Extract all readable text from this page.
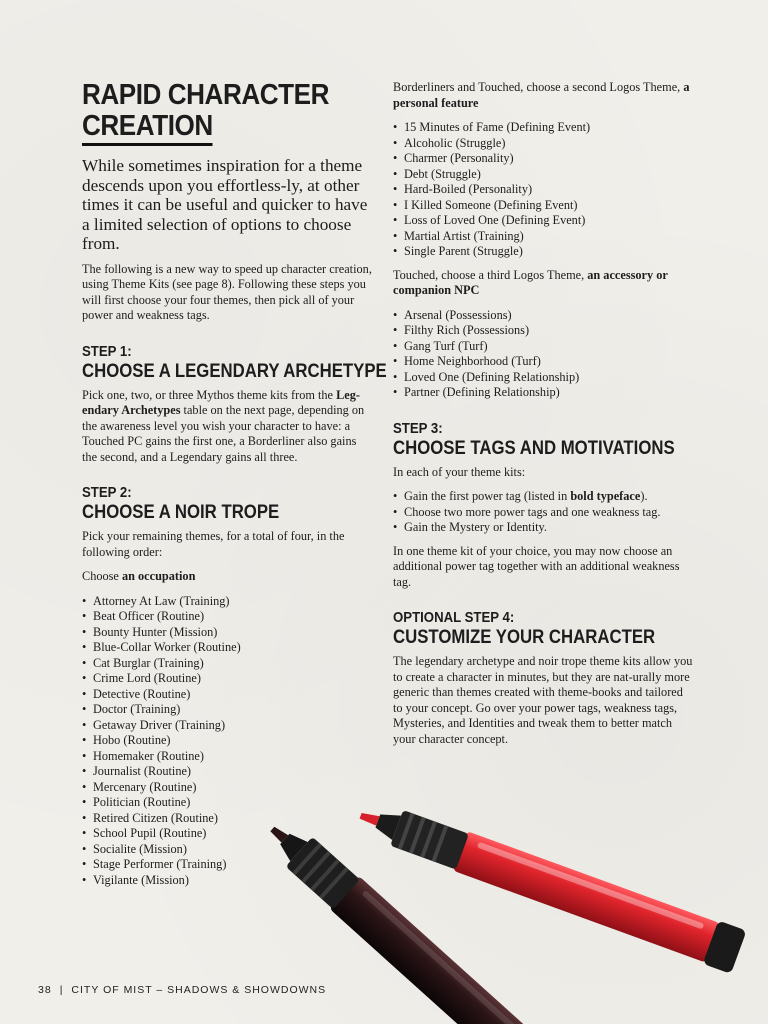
RAPID CHARACTER
CREATION
While sometimes inspiration for a theme descends upon you effortless-ly, at other times it can be useful and quicker to have a limited selection of options to choose from.

The following is a new way to speed up character creation, using Theme Kits (see page 8). Following these steps you will first choose your four themes, then pick all of your power and weakness tags.

STEP 1:
CHOOSE A LEGENDARY ARCHETYPE

Pick one, two, or three Mythos theme kits from the Leg-endary Archetypes table on the next page, depending on the awareness level you wish your character to have: a Touched PC gains the first one, a Borderliner also gains the second, and a Legendary gains all three.

STEP 2:
CHOOSE A NOIR TROPE

Pick your remaining themes, for a total of four, in the following order:

Choose an occupation

• Attorney At Law (Training)
• Beat Officer (Routine)
• Bounty Hunter (Mission)
• Blue-Collar Worker (Routine)
• Cat Burglar (Training)
• Crime Lord (Routine)
• Detective (Routine)
• Doctor (Training)
• Getaway Driver (Training)
• Hobo (Routine)
• Homemaker (Routine)
• Journalist (Routine)
• Mercenary (Routine)
• Politician (Routine)
• Retired Citizen (Routine)
• School Pupil (Routine)
• Socialite (Mission)
• Stage Performer (Training)
• Vigilante (Mission)

Borderliners and Touched, choose a second Logos Theme, a personal feature

• 15 Minutes of Fame (Defining Event)
• Alcoholic (Struggle)
• Charmer (Personality)
• Debt (Struggle)
• Hard-Boiled (Personality)
• I Killed Someone (Defining Event)
• Loss of Loved One (Defining Event)
• Martial Artist (Training)
• Single Parent (Struggle)

Touched, choose a third Logos Theme, an accessory or companion NPC

• Arsenal (Possessions)
• Filthy Rich (Possessions)
• Gang Turf (Turf)
• Home Neighborhood (Turf)
• Loved One (Defining Relationship)
• Partner (Defining Relationship)
STEP 3:
CHOOSE TAGS AND MOTIVATIONS

In each of your theme kits:

• Gain the first power tag (listed in bold typeface).
• Choose two more power tags and one weakness tag.
• Gain the Mystery or Identity.

In one theme kit of your choice, you may now choose an additional power tag together with an additional weakness tag.

OPTIONAL STEP 4:
CUSTOMIZE YOUR CHARACTER

The legendary archetype and noir trope theme kits allow you to create a character in minutes, but they are nat-urally more generic than themes created with theme-books and tailored to your concept. Go over your power tags, weakness tags, Mysteries, and Identities and tweak them to better match your character concept.

38 | CITY OF MIST – SHADOWS & SHOWDOWNS
